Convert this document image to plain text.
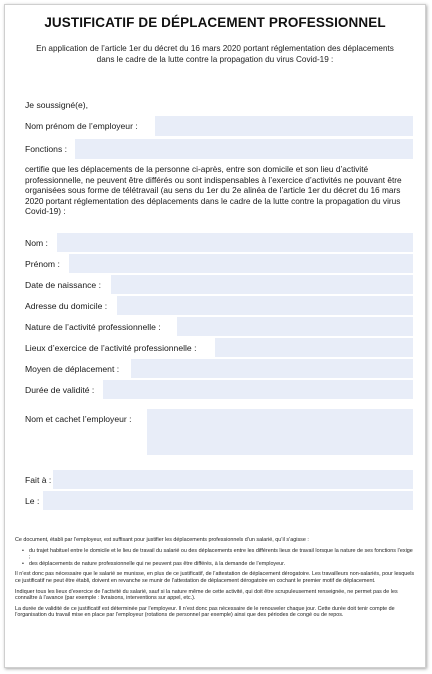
JUSTIFICATIF DE DÉPLACEMENT PROFESSIONNEL
En application de l’article 1er du décret du 16 mars 2020 portant réglementation des déplacements dans le cadre de la lutte contre la propagation du virus Covid-19 :
Je soussigné(e),
Nom prénom de l’employeur :
Fonctions :
certifie que les déplacements de la personne ci-après, entre son domicile et son lieu d’activité professionnelle, ne peuvent être différés ou sont indispensables à l’exercice d’activités ne pouvant être organisées sous forme de télétravail (au sens du 1er du 2e alinéa de l’article 1er du décret du 16 mars 2020 portant réglementation des déplacements dans le cadre de la lutte contre la propagation du virus Covid-19) :
Nom :
Prénom :
Date de naissance :
Adresse du domicile :
Nature de l’activité professionnelle :
Lieux d’exercice de l’activité professionnelle :
Moyen de déplacement :
Durée de validité :
Nom et cachet l’employeur :
Fait à :
Le :

Ce document, établi par l’employeur, est suffisant pour justifier les déplacements professionnels d’un salarié, qu’il s’agisse :

• du trajet habituel entre le domicile et le lieu de travail du salarié ou des déplacements entre les différents lieux de travail lorsque la nature de ses fonctions l’exige ;
• des déplacements de nature professionnelle qui ne peuvent pas être différés, à la demande de l’employeur.

Il n’est donc pas nécessaire que le salarié se munisse, en plus de ce justificatif, de l’attestation de déplacement dérogatoire. Les travailleurs non-salariés, pour lesquels ce justificatif ne peut être établi, doivent en revanche se munir de l’attestation de déplacement dérogatoire en cochant le premier motif de déplacement.

Indiquer tous les lieux d’exercice de l’activité du salarié, sauf si la nature même de cette activité, qui doit être scrupuleusement renseignée, ne permet pas de les connaître à l’avance (par exemple : livraisons, interventions sur appel, etc.).

La durée de validité de ce justificatif est déterminée par l’employeur. Il n’est donc pas nécessaire de le renouveler chaque jour. Cette durée doit tenir compte de l’organisation du travail mise en place par l’employeur (rotations de personnel par exemple) ainsi que des périodes de congé ou de repos.
